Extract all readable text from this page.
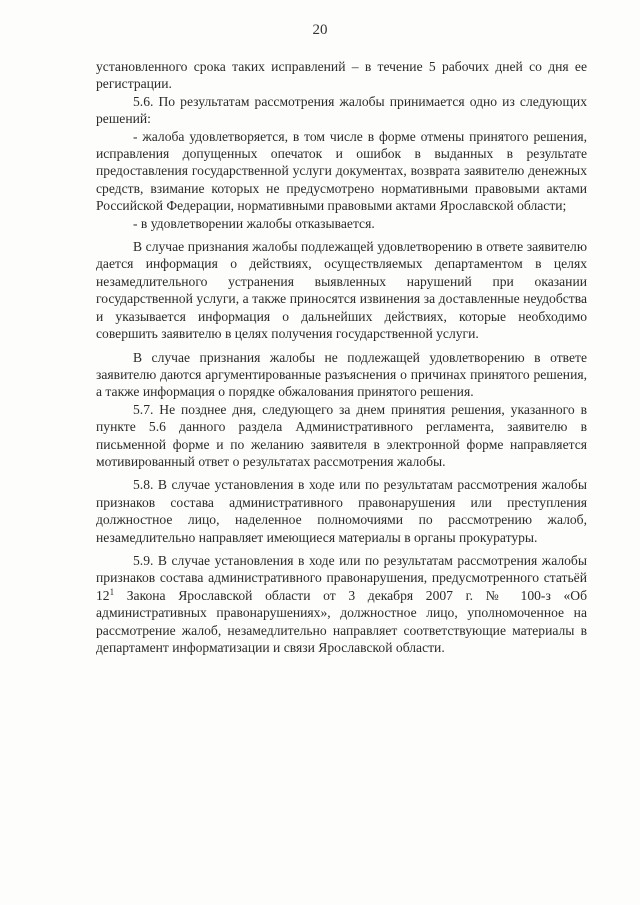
20

установленного срока таких исправлений – в течение 5 рабочих дней со дня ее регистрации.

5.6. По результатам рассмотрения жалобы принимается одно из следующих решений:

- жалоба удовлетворяется, в том числе в форме отмены принятого решения, исправления допущенных опечаток и ошибок в выданных в результате предоставления государственной услуги документах, возврата заявителю денежных средств, взимание которых не предусмотрено нормативными правовыми актами Российской Федерации, нормативными правовыми актами Ярославской области;

- в удовлетворении жалобы отказывается.

В случае признания жалобы подлежащей удовлетворению в ответе заявителю дается информация о действиях, осуществляемых департаментом в целях незамедлительного устранения выявленных нарушений при оказании государственной услуги, а также приносятся извинения за доставленные неудобства и указывается информация о дальнейших действиях, которые необходимо совершить заявителю в целях получения государственной услуги.

В случае признания жалобы не подлежащей удовлетворению в ответе заявителю даются аргументированные разъяснения о причинах принятого решения, а также информация о порядке обжалования принятого решения.

5.7. Не позднее дня, следующего за днем принятия решения, указанного в пункте 5.6 данного раздела Административного регламента, заявителю в письменной форме и по желанию заявителя в электронной форме направляется мотивированный ответ о результатах рассмотрения жалобы.

5.8. В случае установления в ходе или по результатам рассмотрения жалобы признаков состава административного правонарушения или преступления должностное лицо, наделенное полномочиями по рассмотрению жалоб, незамедлительно направляет имеющиеся материалы в органы прокуратуры.

5.9. В случае установления в ходе или по результатам рассмотрения жалобы признаков состава административного правонарушения, предусмотренного статьёй $12^1$ Закона Ярославской области от 3 декабря 2007 г. № 100-з «Об административных правонарушениях», должностное лицо, уполномоченное на рассмотрение жалоб, незамедлительно направляет соответствующие материалы в департамент информатизации и связи Ярославской области.
